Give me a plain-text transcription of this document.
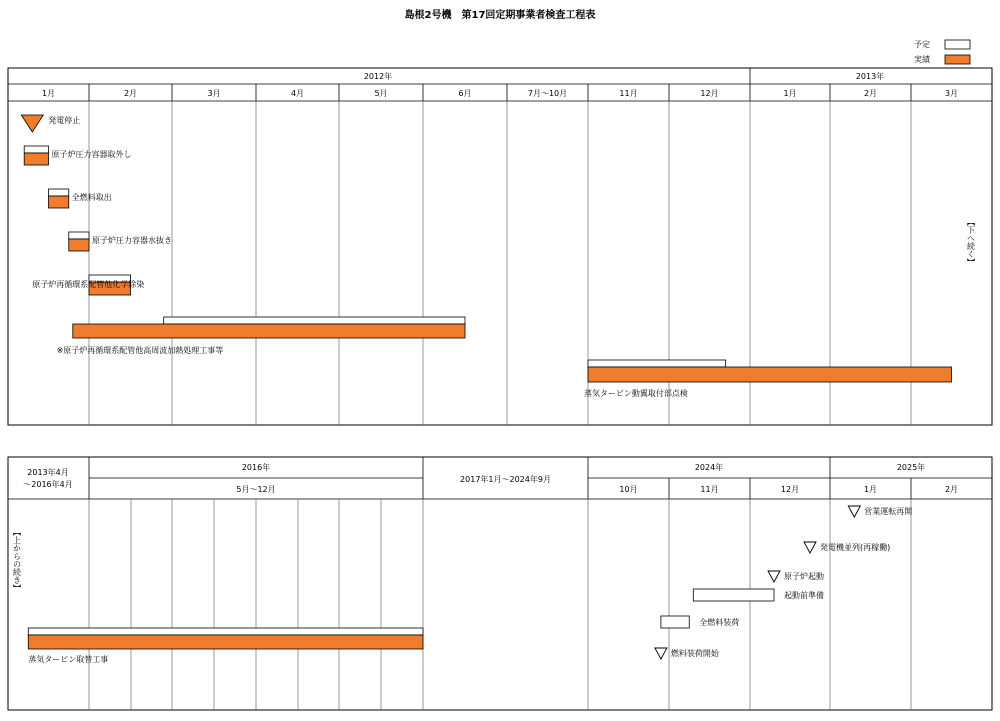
島根2号機　第17回定期事業者検査工程表
予定
実績
2012年	2013年
1月	2月	3月	4月	5月	6月	7月～10月	11月	12月	1月	2月	3月
発電停止
原子炉圧力容器取外し
全燃料取出
原子炉圧力容器水抜き
原子炉再循環系配管他化学除染
※原子炉再循環系配管他高周波加熱処理工事等
蒸気タービン動翼取付部点検
【下へ続く】
2013年4月
～2016年4月
2016年	2024年	2025年
5月～12月
2017年1月～2024年9月
10月	11月	12月	1月	2月
蒸気タービン取替工事
燃料装荷開始
全燃料装荷
起動前準備
原子炉起動
発電機並列(再稼働)
営業運転再開
【上からの続き】
